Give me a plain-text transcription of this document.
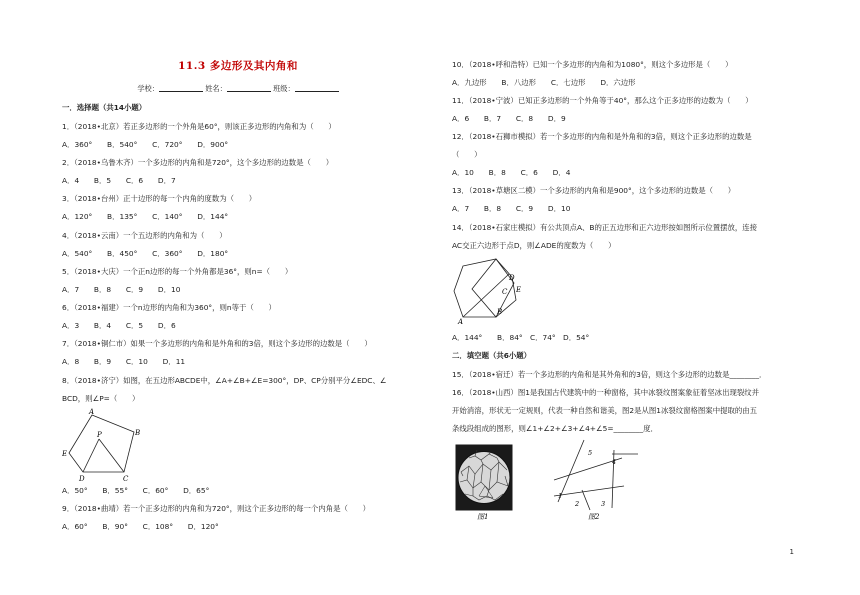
11.3 多边形及其内角和
学校：	姓名：	班级：
一．选择题（共14小题）
1．（2018•北京）若正多边形的一个外角是60°，则该正多边形的内角和为（　　）
A．360°　　B．540°　　C．720°　　D．900°
2．（2018•乌鲁木齐）一个多边形的内角和是720°，这个多边形的边数是（　　）
A．4　　B．5　　C．6　　D．7
3．（2018•台州）正十边形的每一个内角的度数为（　　）
A．120°　　B．135°　　C．140°　　D．144°
4．（2018•云南）一个五边形的内角和为（　　）
A．540°　　B．450°　　C．360°　　D．180°
5．（2018•大庆）一个正n边形的每一个外角都是36°，则n=（　　）
A．7　　B．8　　C．9　　D．10
6．（2018•福建）一个n边形的内角和为360°，则n等于（　　）
A．3　　B．4　　C．5　　D．6
7．（2018•铜仁市）如果一个多边形的内角和是外角和的3倍，则这个多边形的边数是（　　）
A．8　　B．9　　C．10　　D．11
8．（2018•济宁）如图，在五边形ABCDE中，∠A+∠B+∠E=300°，DP、CP分别平分∠EDC、∠
BCD，则∠P=（　　）
A
B
C
D
E
P
A．50°　　B．55°　　C．60°　　D．65°
9．（2018•曲靖）若一个正多边形的内角和为720°，则这个正多边形的每一个内角是（　　）
A．60°　　B．90°　　C．108°　　D．120°
10．（2018•呼和浩特）已知一个多边形的内角和为1080°，则这个多边形是（　　）
A．九边形　　B．八边形　　C．七边形　　D．六边形
11．（2018•宁波）已知正多边形的一个外角等于40°，那么这个正多边形的边数为（　　）
A．6　　B．7　　C．8　　D．9
12．（2018•石狮市模拟）若一个多边形的内角和是外角和的3倍，则这个正多边形的边数是
（　　）
A．10　　B．8　　C．6　　D．4
13．（2018•草塘区二模）一个多边形的内角和是900°，这个多边形的边数是（　　）
A．7　　B．8　　C．9　　D．10
14．（2018•石家庄模拟）有公共顶点A、B的正五边形和正六边形按如图所示位置摆放，连接
AC交正六边形于点D，则∠ADE的度数为（　　）
A
D
E
C
B
A．144°　　B．84°　C．74°　D．54°
二．填空题（共6小题）
15．（2018•宿迁）若一个多边形的内角和是其外角和的3倍，则这个多边形的边数是________．
16．（2018•山西）图1是我国古代建筑中的一种窗格，其中冰裂纹图案象征着坚冰出现裂纹并
开始消溶，形状无一定规则，代表一种自然和谐美，图2是从图1冰裂纹窗格图案中提取的由五
条线段组成的图形，则∠1+∠2+∠3+∠4+∠5=________度．
图1
1
2	3
4
5
图2
1
